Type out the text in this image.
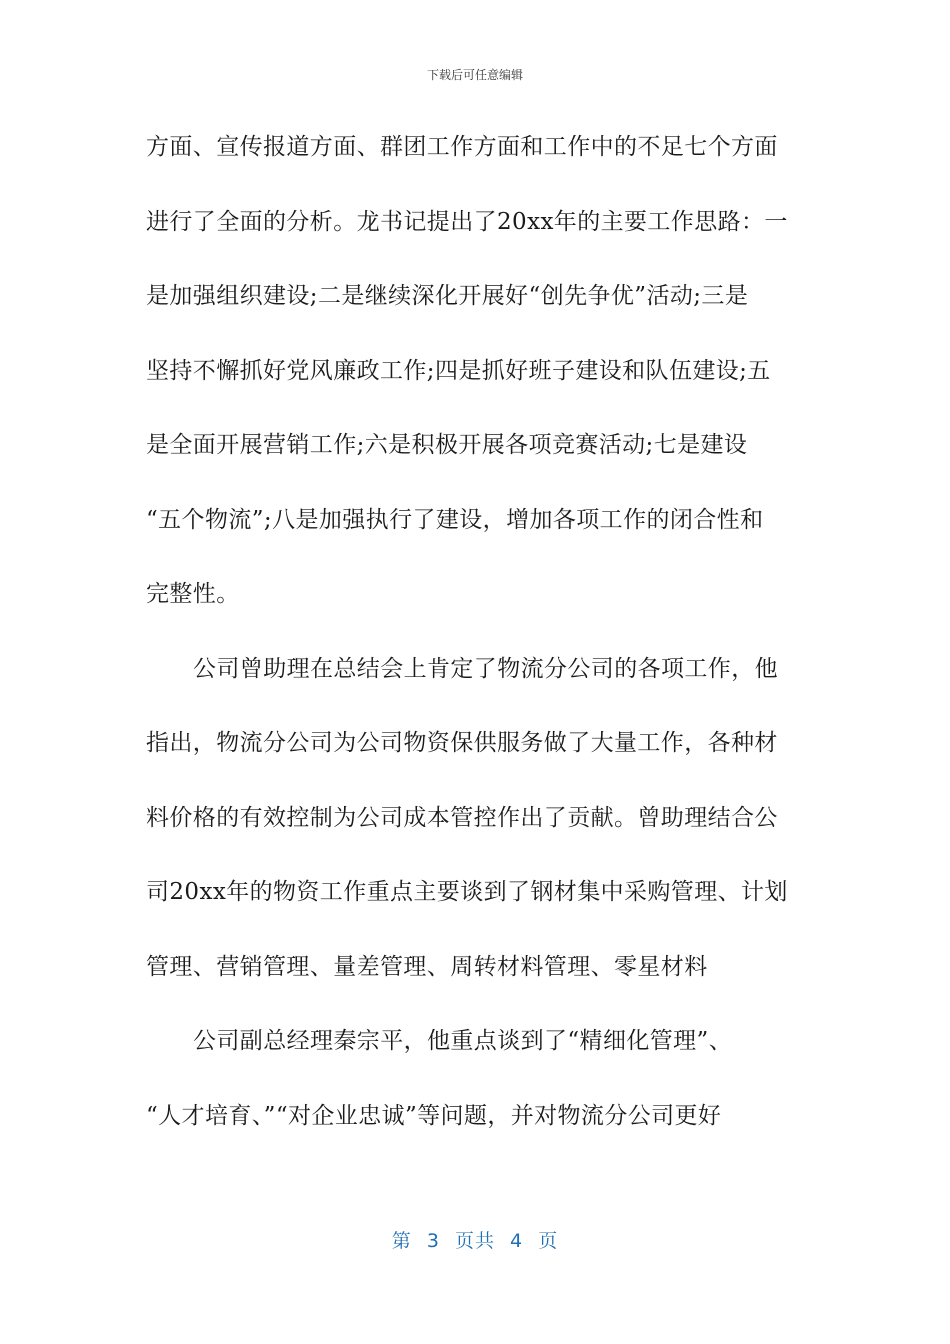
下载后可任意编辑
方面、宣传报道方面、群团工作方面和工作中的不足七个方面
进行了全面的分析。龙书记提出了20xx年的主要工作思路：一
是加强组织建设;二是继续深化开展好“创先争优”活动;三是
坚持不懈抓好党风廉政工作;四是抓好班子建设和队伍建设;五
是全面开展营销工作;六是积极开展各项竞赛活动;七是建设
“五个物流”;八是加强执行了建设，增加各项工作的闭合性和
完整性。
公司曾助理在总结会上肯定了物流分公司的各项工作，他
指出，物流分公司为公司物资保供服务做了大量工作，各种材
料价格的有效控制为公司成本管控作出了贡献。曾助理结合公
司20xx年的物资工作重点主要谈到了钢材集中采购管理、计划
管理、营销管理、量差管理、周转材料管理、零星材料
公司副总经理秦宗平，他重点谈到了“精细化管理”、
“人才培育、”“对企业忠诚”等问题，并对物流分公司更好
第 3 页共 4 页
